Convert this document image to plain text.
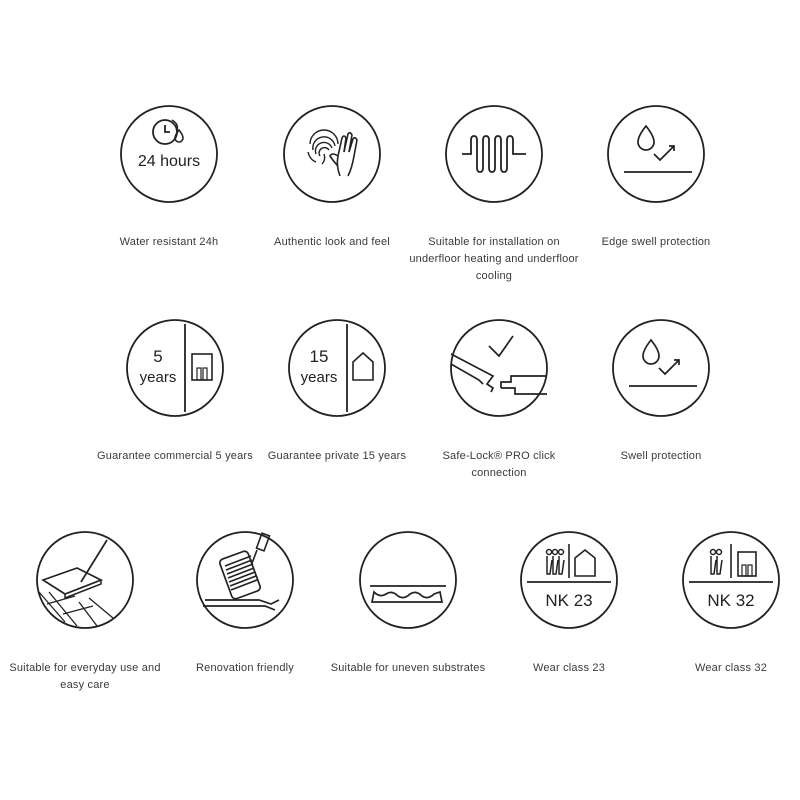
24 hours
Water resistant 24h	Authentic look and feel	Suitable for installation on underfloor heating and underfloor cooling
Edge swell protection
5
years
Guarantee commercial 5 years
15
years
Guarantee private 15 years	Safe-Lock® PRO click connection
Swell protection
Suitable for everyday use and easy care
Renovation friendly	Suitable for uneven substrates
NK 23
Wear class 23
NK 32
Wear class 32
